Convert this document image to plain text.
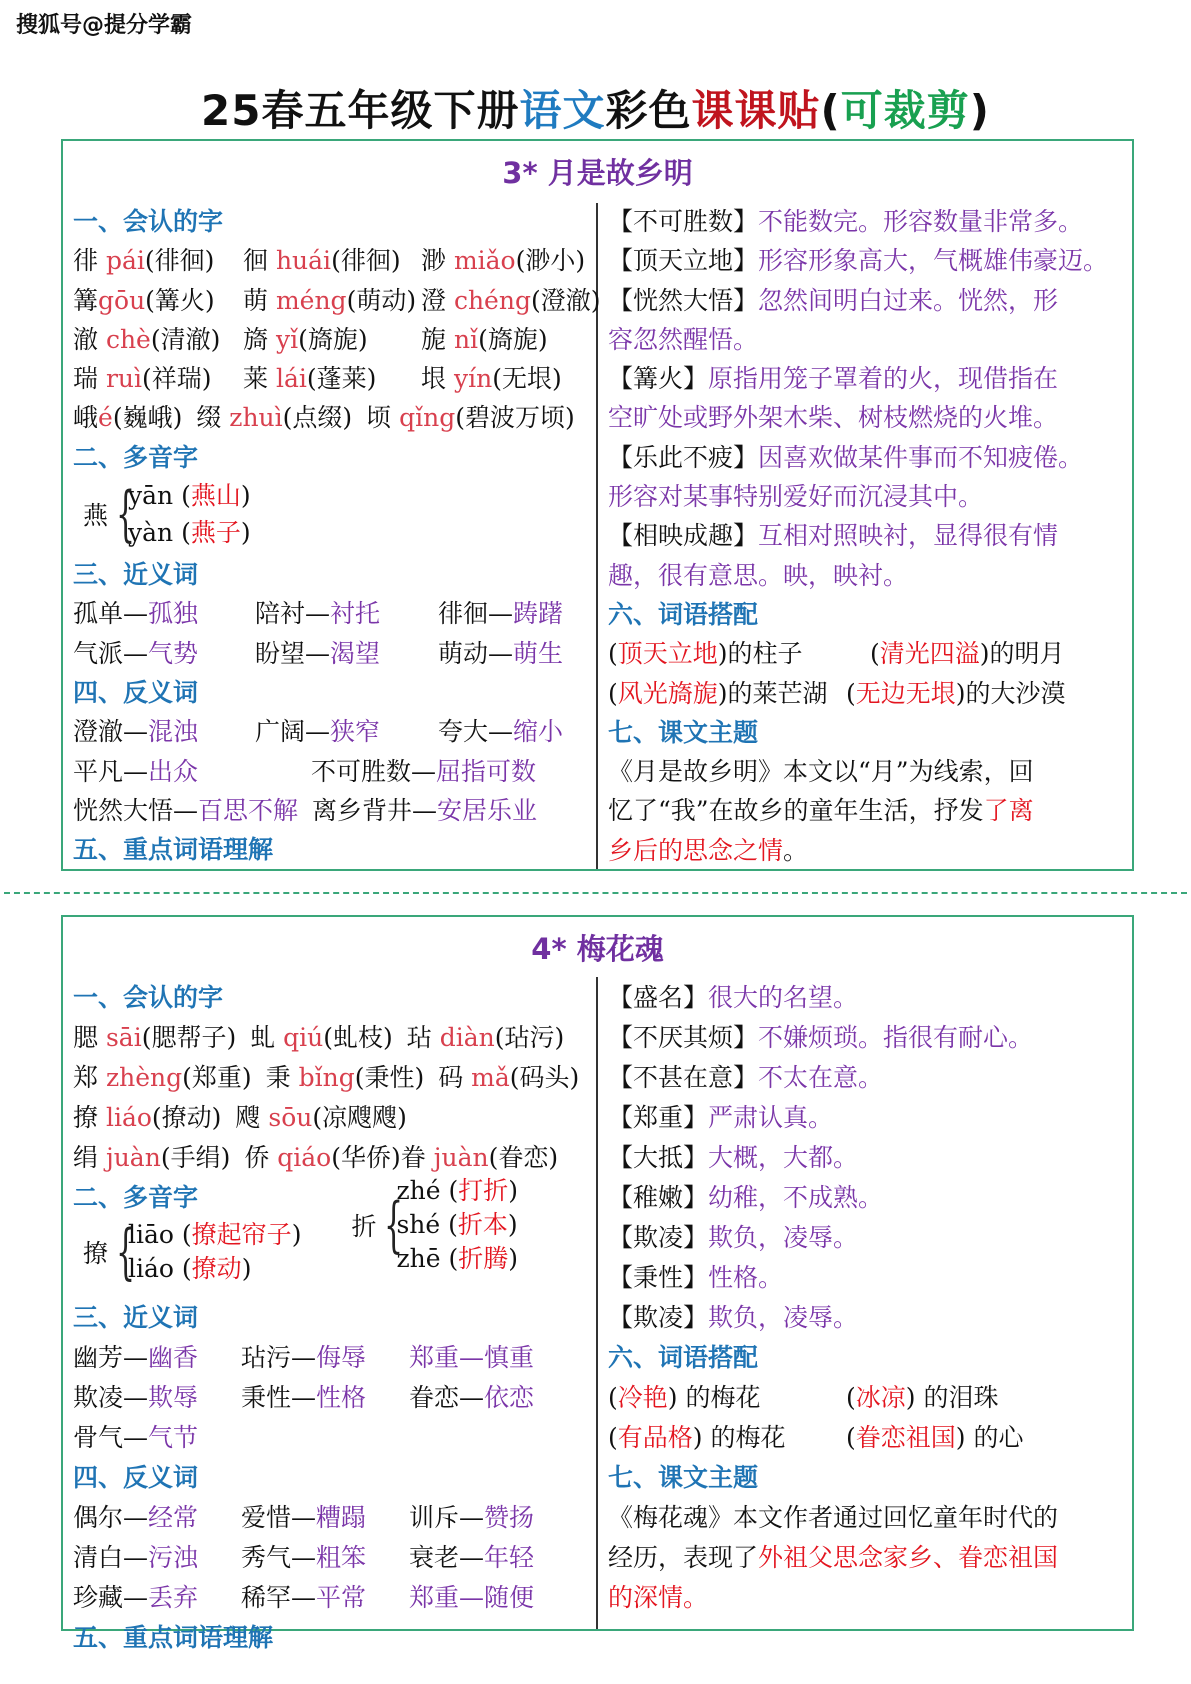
搜狐号@提分学霸
25春五年级下册语文彩色课课贴(可裁剪)
3* 月是故乡明
一、会认的字
徘 pái(徘徊)	徊 huái(徘徊) 渺 miǎo(渺小)
篝gōu(篝火)	萌 méng(萌动) 澄 chéng(澄澈)
澈 chè(清澈) 旖 yǐ(旖旎)	旎 nǐ(旖旎)
瑞 ruì(祥瑞)	莱 lái(蓬莱)	垠 yín(无垠)
峨é(巍峨) 缀 zhuì(点缀) 顷 qǐng(碧波万顷)
二、多音字
燕 {
yān (燕山)
yàn (燕子)
三、近义词
孤单—孤独	陪衬—衬托	徘徊—踌躇
气派—气势	盼望—渴望	萌动—萌生
四、反义词
澄澈—混浊	广阔—狭窄	夸大—缩小
平凡—出众	不可胜数—屈指可数
恍然大悟—百思不解 离乡背井—安居乐业
五、重点词语理解
【不可胜数】不能数完。形容数量非常多。
【顶天立地】形容形象高大，气概雄伟豪迈。
【恍然大悟】忽然间明白过来。恍然，形
容忽然醒悟。
【篝火】原指用笼子罩着的火，现借指在
空旷处或野外架木柴、树枝燃烧的火堆。
【乐此不疲】因喜欢做某件事而不知疲倦。
形容对某事特别爱好而沉浸其中。
【相映成趣】互相对照映衬，显得很有情
趣，很有意思。映，映衬。
六、词语搭配
(顶天立地)的柱子	(清光四溢)的明月
(风光旖旎)的莱芒湖 (无边无垠)的大沙漠
七、课文主题
《月是故乡明》本文以“月”为线索，回
忆了“我”在故乡的童年生活，抒发了离
乡后的思念之情。
4* 梅花魂
一、会认的字
腮 sāi(腮帮子) 虬 qiú(虬枝) 玷 diàn(玷污)
郑 zhèng(郑重) 秉 bǐng(秉性) 码 mǎ(码头)
撩 liáo(撩动) 飕 sōu(凉飕飕)
绢 juàn(手绢) 侨 qiáo(华侨)眷 juàn(眷恋)
二、多音字
撩 {
liāo (撩起帘子)
liáo (撩动)
折 {
zhé (打折)
shé (折本)
zhē (折腾)
三、近义词
幽芳—幽香	玷污—侮辱	郑重—慎重
欺凌—欺辱	秉性—性格	眷恋—依恋
骨气—气节
四、反义词
偶尔—经常	爱惜—糟蹋	训斥—赞扬
清白—污浊	秀气—粗笨	衰老—年轻
珍藏—丢弃	稀罕—平常	郑重—随便
五、重点词语理解
【盛名】很大的名望。
【不厌其烦】不嫌烦琐。指很有耐心。
【不甚在意】不太在意。
【郑重】严肃认真。
【大抵】大概，大都。
【稚嫩】幼稚，不成熟。
【欺凌】欺负，凌辱。
【秉性】性格。
【欺凌】欺负，凌辱。
六、词语搭配
(冷艳) 的梅花	(冰凉) 的泪珠
(有品格) 的梅花	(眷恋祖国) 的心
七、课文主题
《梅花魂》本文作者通过回忆童年时代的
经历，表现了外祖父思念家乡、眷恋祖国
的深情。
